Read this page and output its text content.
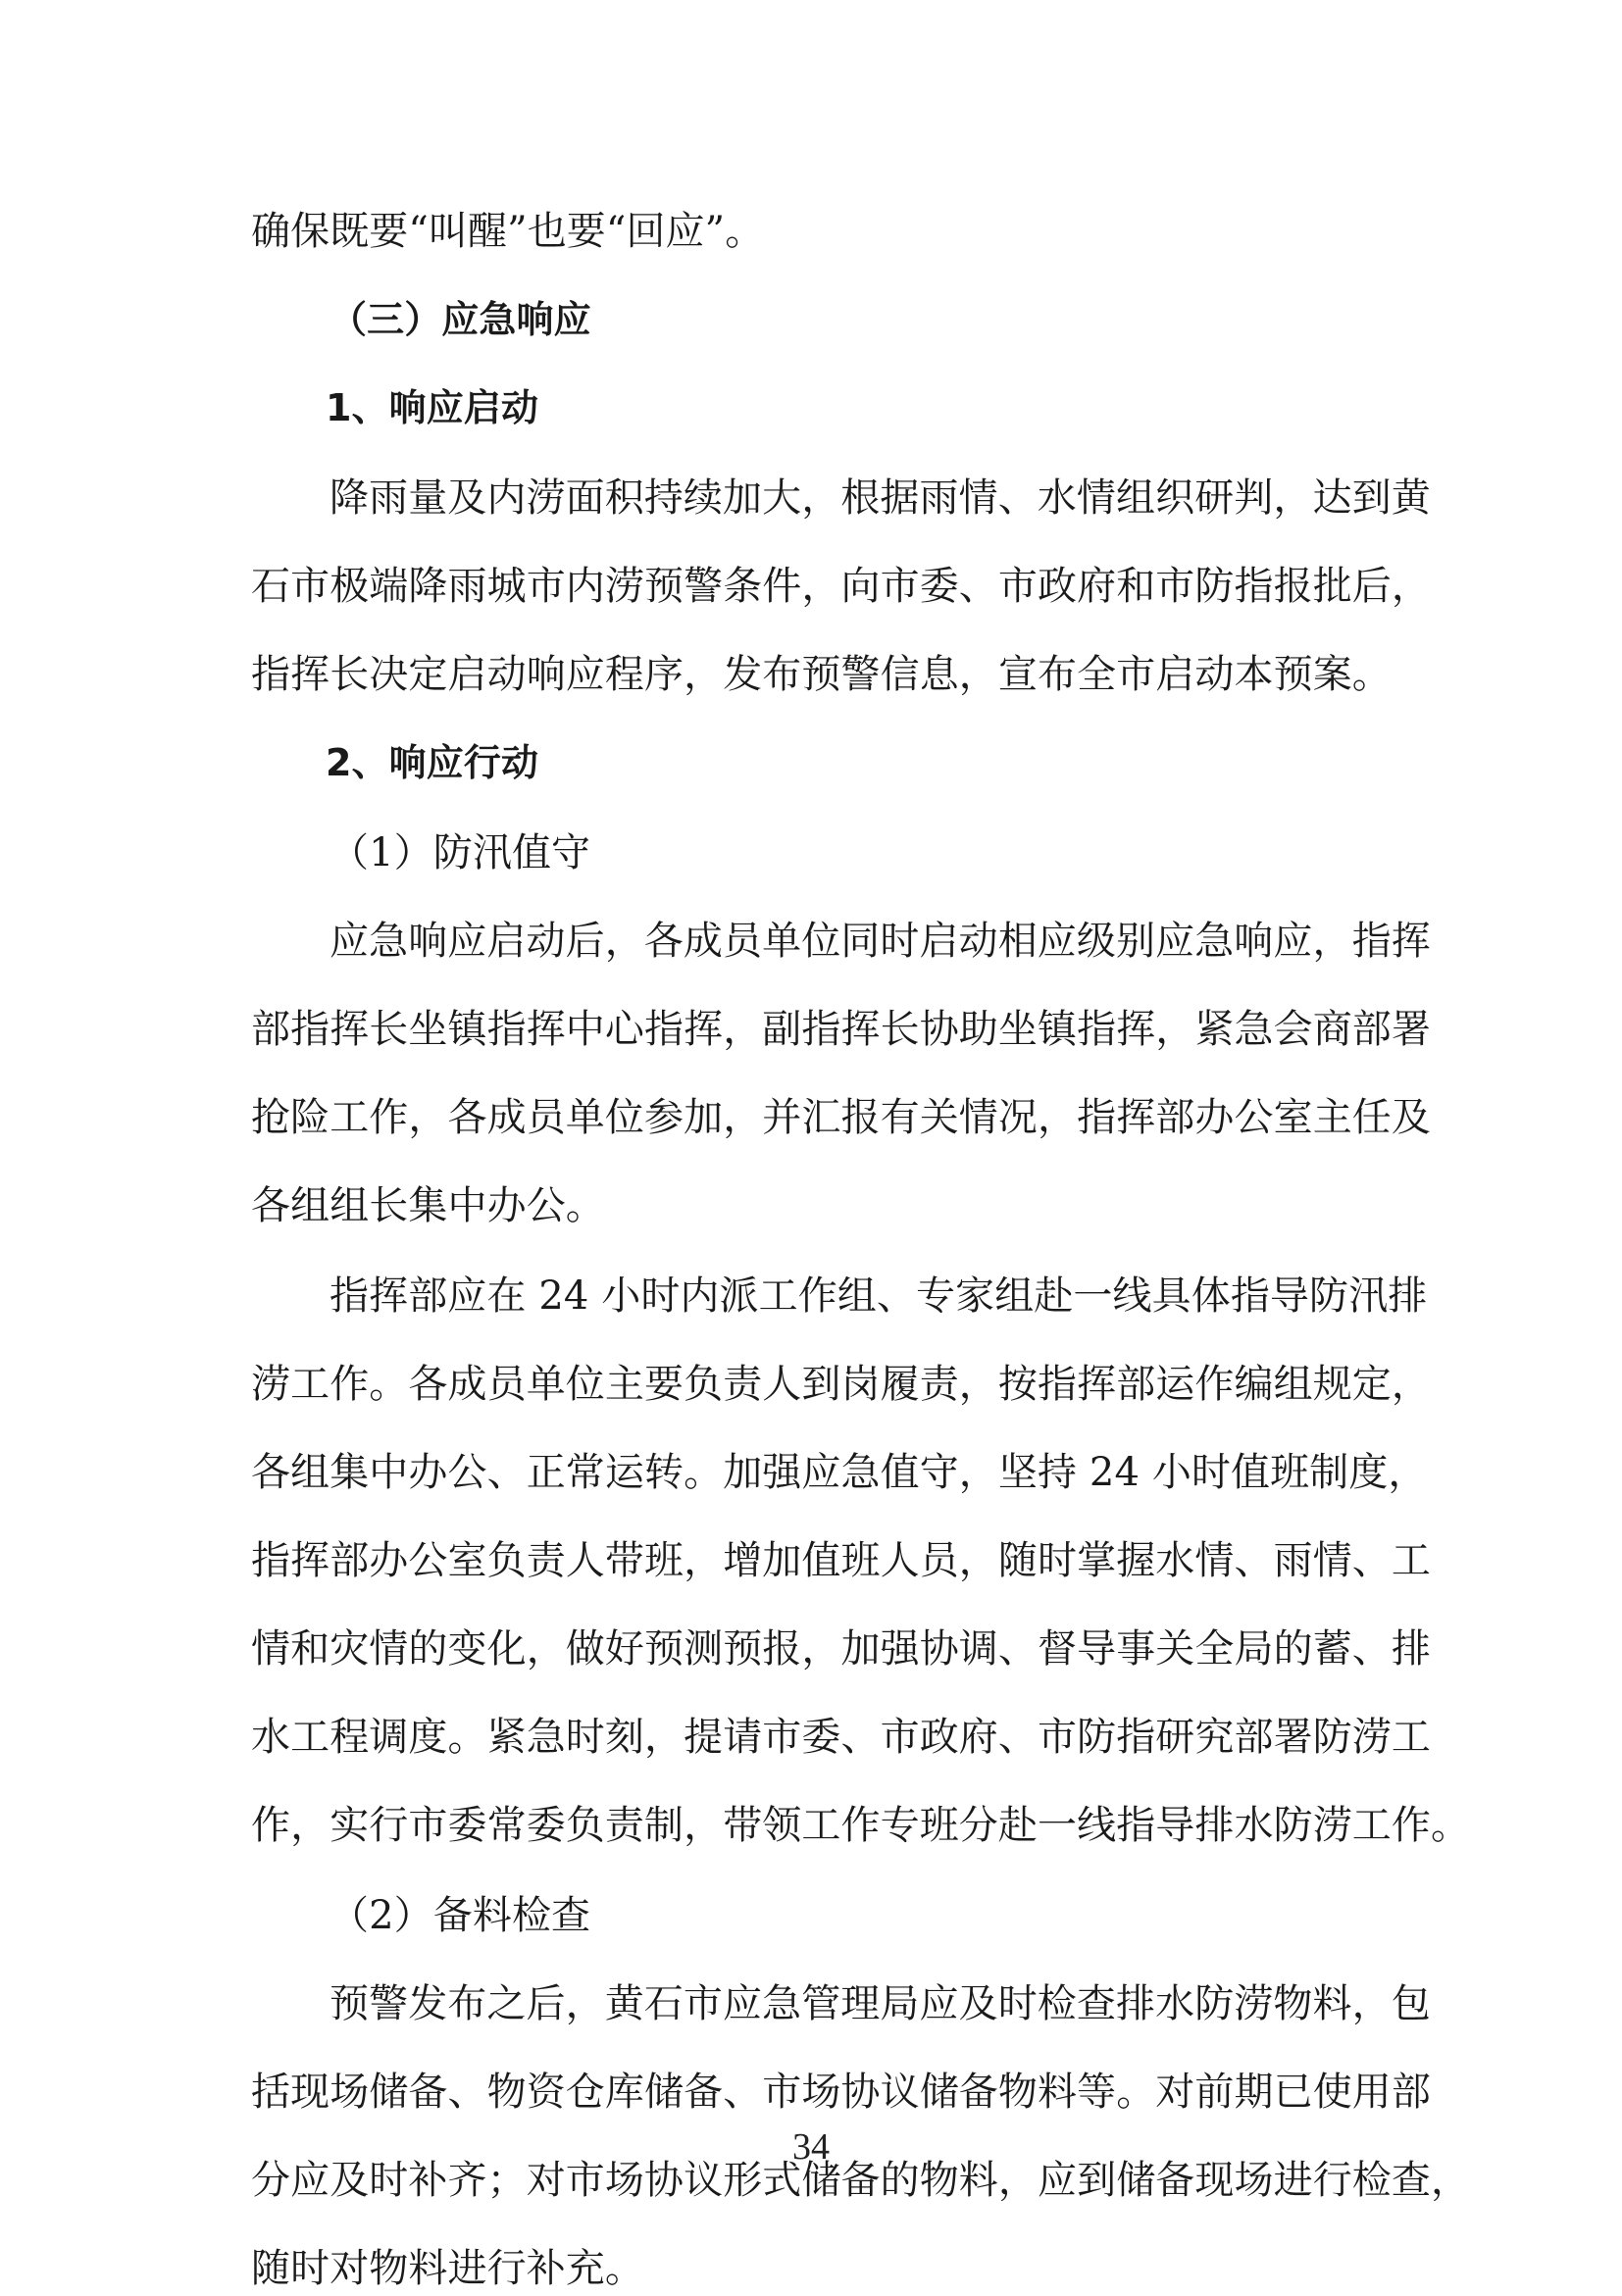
确保既要“叫醒”也要“回应”。
（三）应急响应
1、响应启动
降雨量及内涝面积持续加大，根据雨情、水情组织研判，达到黄
石市极端降雨城市内涝预警条件，向市委、市政府和市防指报批后，
指挥长决定启动响应程序，发布预警信息，宣布全市启动本预案。
2、响应行动
（1）防汛值守
应急响应启动后，各成员单位同时启动相应级别应急响应，指挥
部指挥长坐镇指挥中心指挥，副指挥长协助坐镇指挥，紧急会商部署
抢险工作，各成员单位参加，并汇报有关情况，指挥部办公室主任及
各组组长集中办公。
指挥部应在 24 小时内派工作组、专家组赴一线具体指导防汛排
涝工作。各成员单位主要负责人到岗履责，按指挥部运作编组规定，
各组集中办公、正常运转。加强应急值守，坚持 24 小时值班制度，
指挥部办公室负责人带班，增加值班人员，随时掌握水情、雨情、工
情和灾情的变化，做好预测预报，加强协调、督导事关全局的蓄、排
水工程调度。紧急时刻，提请市委、市政府、市防指研究部署防涝工
作，实行市委常委负责制，带领工作专班分赴一线指导排水防涝工作。
（2）备料检查
预警发布之后，黄石市应急管理局应及时检查排水防涝物料，包
括现场储备、物资仓库储备、市场协议储备物料等。对前期已使用部
分应及时补齐；对市场协议形式储备的物料，应到储备现场进行检查，
随时对物料进行补充。
34
